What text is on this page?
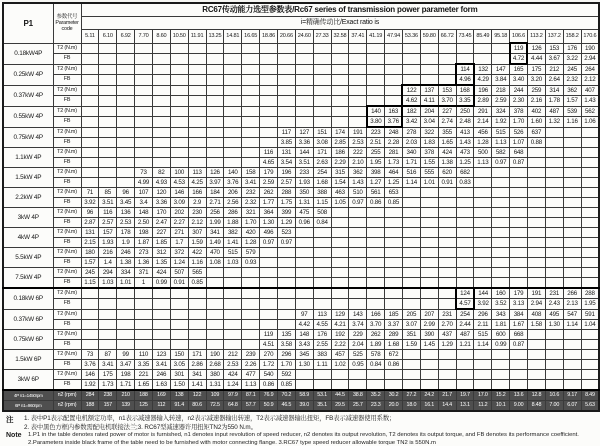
P1	参数代号
Parameter code	RC67传动能力选型参数表/Rc67 series of transmission power parameter form																												
		i=精确传动比/Exact ratio is																												
		5.11	6.10	6.92	7.70	8.60	10.50	11.91	13.25	14.81	16.65	18.86	20.66	24.60	27.33	32.58	37.41	41.19	47.94	53.36	59.80	66.72	73.45	85.49	95.18	106.6	113.2	137.2	158.2	170.6
0.18kW4P	T2 (N.m)																									119	126	153	176	190
	FB																									4.72	4.44	3.67	3.22	2.94
0.25kW 4P	T2 (N.m)																						114	132	147	165	175	212	245	264
	FB																						4.96	4.29	3.84	3.40	3.20	2.64	2.32	2.12
0.37kW 4P	T2 (N.m)																			122	137	153	168	196	218	244	259	314	362	407
	FB																			4.62	4.11	3.70	3.35	2.89	2.59	2.30	2.16	1.78	1.57	1.43
0.55kW 4P	T2 (N.m)																	140	163	182	204	227	250	291	324	378	402	487	539	562
	FB																	3.80	3.76	3.42	3.04	2.74	2.48	2.14	1.92	1.70	1.60	1.32	1.16	1.06
0.75kW 4P	T2 (N.m)												117	127	151	174	191	223	248	278	322	355	413	456	515	526	637			
	FB												3.85	3.36	3.08	2.85	2.53	2.51	2.28	2.03	1.83	1.65	1.43	1.28	1.13	1.07	0.88			
1.1kW 4P	T2 (N.m)											116	131	144	171	186	222	255	281	340	378	424	473	500	582	648				
	FB											4.65	3.54	3.51	2.63	2.29	2.10	1.95	1.73	1.71	1.55	1.38	1.25	1.13	0.97	0.87				
1.5kW 4P	T2 (N.m)				73	82	100	113	126	140	158	179	196	233	254	315	362	398	464	516	555	620	682							
	FB				4.99	4.93	4.53	4.25	3.97	3.76	3.41	2.59	2.57	1.93	1.68	1.54	1.43	1.27	1.25	1.14	1.01	0.91	0.83							
2.2kW 4P	T2 (N.m)	71	85	96	107	120	146	166	184	206	232	262	288	350	388	463	510	561	653											
	FB	3.92	3.51	3.45	3.4	3.36	3.09	2.9	2.71	2.56	2.32	1.77	1.75	1.31	1.15	1.05	0.97	0.86	0.85											
3kW 4P	T2 (N.m)	96	116	136	148	170	202	230	256	286	321	364	399	475	508															
	FB	2.87	2.57	2.53	2.50	2.47	2.27	2.12	1.99	1.88	1.70	1.30	1.29	0.96	0.84															
4kW 4P	T2 (N.m)	131	157	178	198	227	271	307	341	382	420	496	523																	
	FB	2.15	1.93	1.9	1.87	1.85	1.7	1.59	1.49	1.41	1.28	0.97	0.97																	
5.5kW 4P	T2 (N.m)	180	216	246	273	312	372	422	470	515	579																			
	FB	1.57	1.4	1.38	1.36	1.35	1.24	1.16	1.08	1.03	0.93																			
7.5kW 4P	T2 (N.m)	245	294	334	371	424	507	565																						
	FB	1.15	1.03	1.01	1	0.99	0.91	0.85																						
0.18kW 6P	T2 (N.m)																						124	144	160	179	191	231	266	288
	FB																						4.57	3.92	3.52	3.13	2.94	2.43	2.13	1.95
0.37kW 6P	T2 (N.m)													97	113	129	143	166	185	205	207	231	254	296	343	384	408	495	547	591
	FB													4.42	4.55	4.21	3.74	3.70	3.37	3.07	2.99	2.70	2.44	2.11	1.81	1.67	1.58	1.30	1.14	1.04
0.75kW 6P	T2 (N.m)											119	135	148	176	192	229	262	289	351	390	437	487	515	600	668				
	FB											4.51	3.58	3.43	2.55	2.22	2.04	1.89	1.68	1.59	1.45	1.29	1.21	1.14	0.99	0.87				
1.5kW 6P	T2 (N.m)	73	87	99	110	123	150	171	190	212	239	270	296	345	383	457	525	578	672											
	FB	3.76	3.41	3.47	3.35	3.41	3.05	2.86	2.68	2.53	2.26	1.72	1.70	1.30	1.11	1.02	0.95	0.84	0.86											
3kW 6P	T2 (N.m)	146	175	198	221	246	301	341	380	424	477	540	592																	
	FB	1.92	1.73	1.71	1.65	1.63	1.50	1.41	1.31	1.24	1.13	0.86	0.85																	
4P n1=1450rpm	n2 (rpm)	284	238	210	188	169	138	122	109	97.9	87.1	76.9	70.2	58.9	53.1	44.5	38.8	35.2	30.2	27.2	24.2	21.7	19.7	17.0	15.2	13.6	12.8	10.6	9.17	8.49
6P n1=960rpm	n2 (rpm)	188	157	139	125	112	91.4	80.6	72.5	64.8	57.7	50.9	46.5	39.0	35.1	29.5	25.7	23.3	20.0	18.0	16.1	14.4	13.1	11.2	10.1	9.00	8.48	7.00	6.07	5.63
注	1. 表中P1表示配置电机额定功率，n1表示减速器输入转速，n2表示减速器输出转速，T2表示减速器输出扭矩，FB表示减速器使用系数；
2. 表中黑色方框内参数需配电机联接法兰;3. RC67型减速器许用扭矩TN2为550 N.m。
Note	1.P1 in the table denotes rated power of motor is furnished, n1 denotes input revolution of speed reducer, n2 denotes its output revolution, T2 denotes its output torque, and FB denotes its performance coefficient. 2.Parameters inside black frame of the table need to be furnished with motor connecting flange. 3.RC67 type speed reducer allowable torque TN2 is 550N.m
